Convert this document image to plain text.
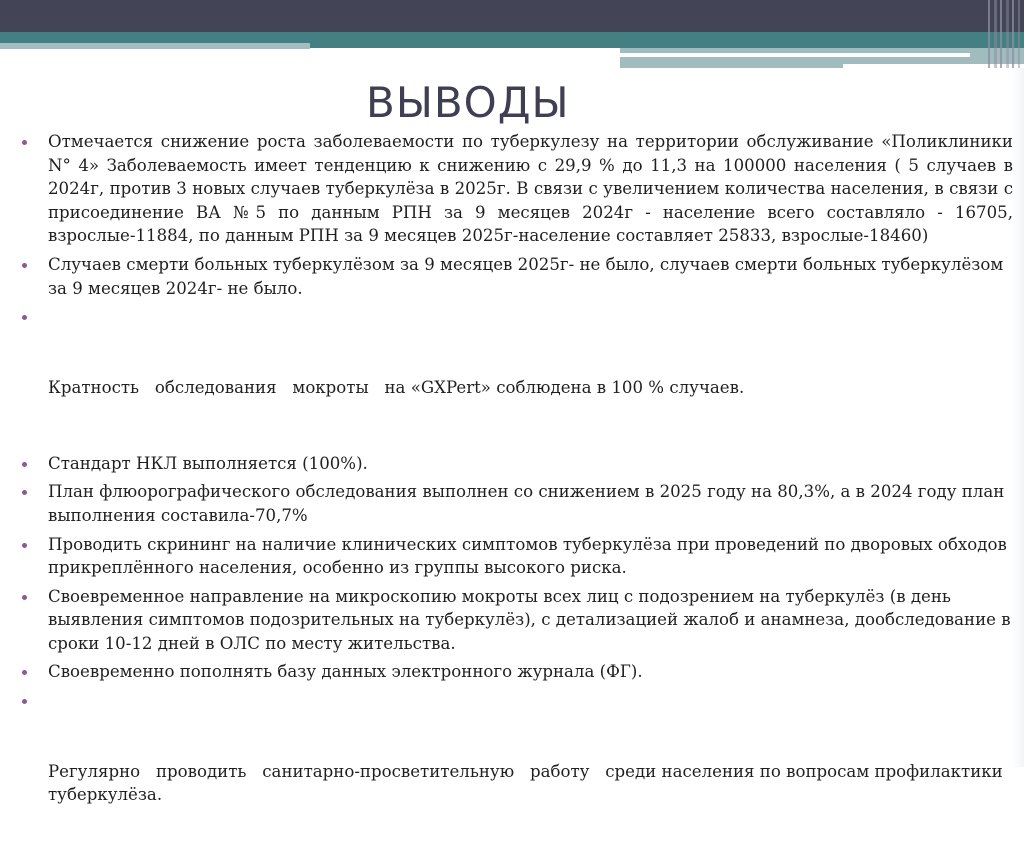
ВЫВОДЫ
Отмечается снижение роста заболеваемости по туберкулезу на территории обслуживание «Поликлиники N° 4» Заболеваемость имеет тенденцию к снижению с 29,9 % до 11,3 на 100000 населения ( 5 случаев в 2024г, против 3 новых случаев туберкулёза в 2025г. В связи с увеличением количества населения, в связи с присоединение ВА №5 по данным РПН за 9 месяцев 2024г - население всего составляло - 16705, взрослые-11884, по данным РПН за 9 месяцев 2025г-население составляет 25833, взрослые-18460)
Случаев смерти больных туберкулёзом за 9 месяцев 2025г- не было, случаев смерти больных туберкулёзом за 9 месяцев 2024г- не было.

Кратность   обследования   мокроты   на «GXPert» соблюдена в 100 % случаев.

Стандарт НКЛ выполняется (100%).
План флюорографического обследования выполнен со снижением в 2025 году на 80,3%, а в 2024 году план выполнения составила-70,7%
Проводить скрининг на наличие клинических симптомов туберкулёза при проведений по дворовых обходов прикреплённого населения, особенно из группы высокого риска.
Своевременное направление на микроскопию мокроты всех лиц с подозрением на туберкулёз (в день выявления симптомов подозрительных на туберкулёз), с детализацией жалоб и анамнеза, дообследование в сроки 10-12 дней в ОЛС по месту жительства.
Своевременно пополнять базу данных электронного журнала (ФГ).

Регулярно   проводить   санитарно-просветительную   работу   среди населения по вопросам профилактики туберкулёза.
